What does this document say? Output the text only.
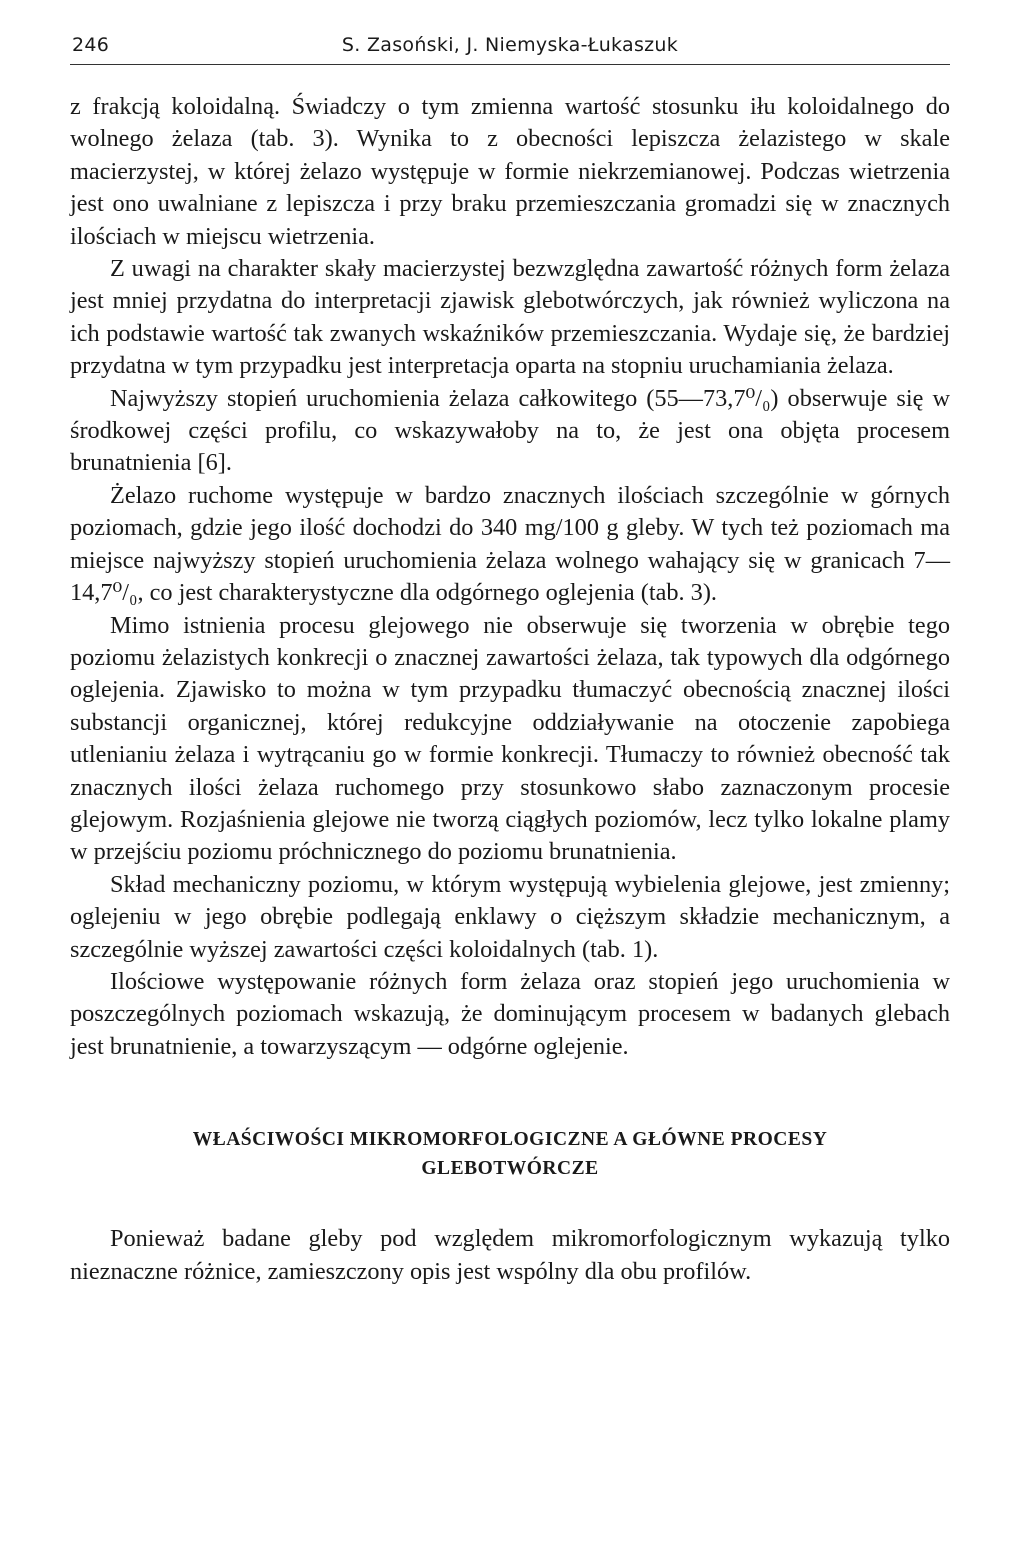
246	S. Zasoński, J. Niemyska-Łukaszuk

z frakcją koloidalną. Świadczy o tym zmienna wartość stosunku iłu koloidalnego do wolnego żelaza (tab. 3). Wynika to z obecności lepiszcza żelazistego w skale macierzystej, w której żelazo występuje w formie niekrzemianowej. Podczas wietrzenia jest ono uwalniane z lepiszcza i przy braku przemieszczania gromadzi się w znacznych ilościach w miejscu wietrzenia.

Z uwagi na charakter skały macierzystej bezwzględna zawartość różnych form żelaza jest mniej przydatna do interpretacji zjawisk glebotwórczych, jak również wyliczona na ich podstawie wartość tak zwanych wskaźników przemieszczania. Wydaje się, że bardziej przydatna w tym przypadku jest interpretacja oparta na stopniu uruchamiania żelaza.

Najwyższy stopień uruchomienia żelaza całkowitego (55—73,7⁰/₀) obserwuje się w środkowej części profilu, co wskazywałoby na to, że jest ona objęta procesem brunatnienia [6].

Żelazo ruchome występuje w bardzo znacznych ilościach szczególnie w górnych poziomach, gdzie jego ilość dochodzi do 340 mg/100 g gleby. W tych też poziomach ma miejsce najwyższy stopień uruchomienia żelaza wolnego wahający się w granicach 7—14,7⁰/₀, co jest charakterystyczne dla odgórnego oglejenia (tab. 3).

Mimo istnienia procesu glejowego nie obserwuje się tworzenia w obrębie tego poziomu żelazistych konkrecji o znacznej zawartości żelaza, tak typowych dla odgórnego oglejenia. Zjawisko to można w tym przypadku tłumaczyć obecnością znacznej ilości substancji organicznej, której redukcyjne oddziaływanie na otoczenie zapobiega utlenianiu żelaza i wytrącaniu go w formie konkrecji. Tłumaczy to również obecność tak znacznych ilości żelaza ruchomego przy stosunkowo słabo zaznaczonym procesie glejowym. Rozjaśnienia glejowe nie tworzą ciągłych poziomów, lecz tylko lokalne plamy w przejściu poziomu próchnicznego do poziomu brunatnienia.

Skład mechaniczny poziomu, w którym występują wybielenia glejowe, jest zmienny; oglejeniu w jego obrębie podlegają enklawy o cięższym składzie mechanicznym, a szczególnie wyższej zawartości części koloidalnych (tab. 1).

Ilościowe występowanie różnych form żelaza oraz stopień jego uruchomienia w poszczególnych poziomach wskazują, że dominującym procesem w badanych glebach jest brunatnienie, a towarzyszącym — odgórne oglejenie.

WŁAŚCIWOŚCI MIKROMORFOLOGICZNE A GŁÓWNE PROCESY
GLEBOTWÓRCZE

Ponieważ badane gleby pod względem mikromorfologicznym wykazują tylko nieznaczne różnice, zamieszczony opis jest wspólny dla obu profilów.
